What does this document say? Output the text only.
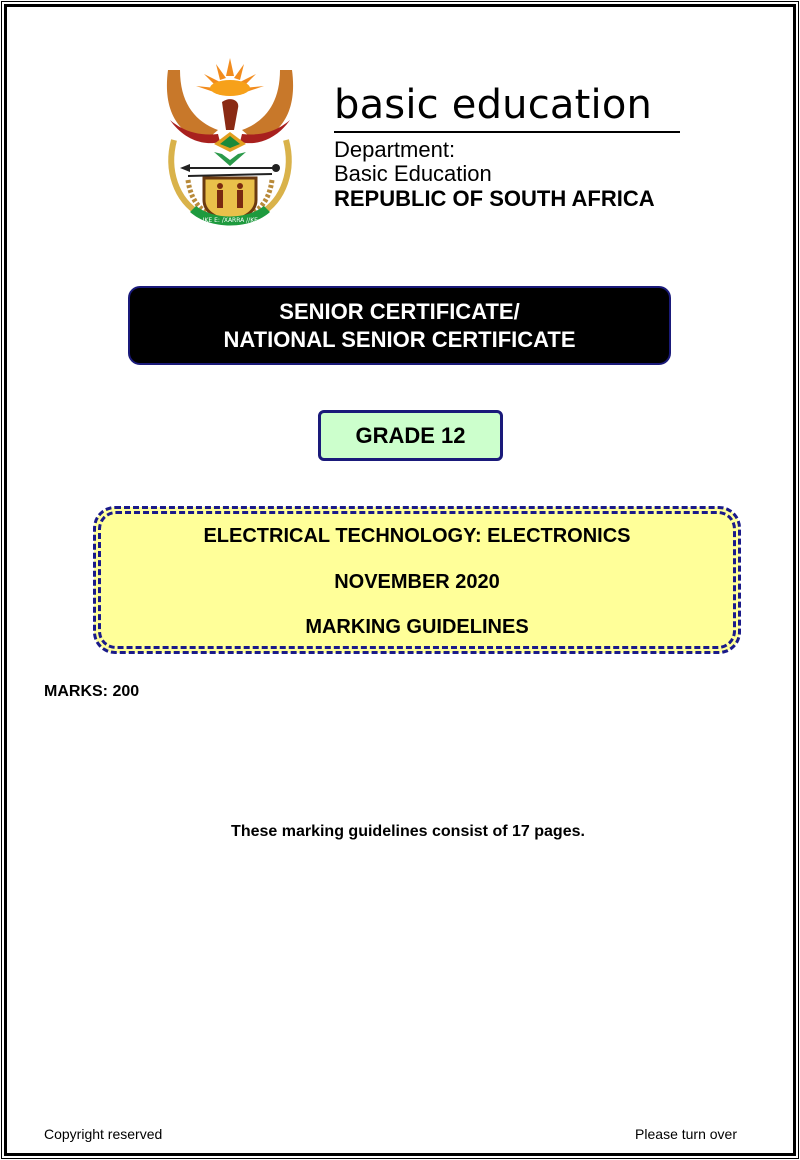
!KE E: /XARRA //KE
basic education
Department:
Basic Education
REPUBLIC OF SOUTH AFRICA
SENIOR CERTIFICATE/
NATIONAL SENIOR CERTIFICATE
GRADE 12
ELECTRICAL TECHNOLOGY: ELECTRONICS
NOVEMBER 2020
MARKING GUIDELINES
MARKS: 200
These marking guidelines consist of 17 pages.
Copyright reserved	Please turn over
